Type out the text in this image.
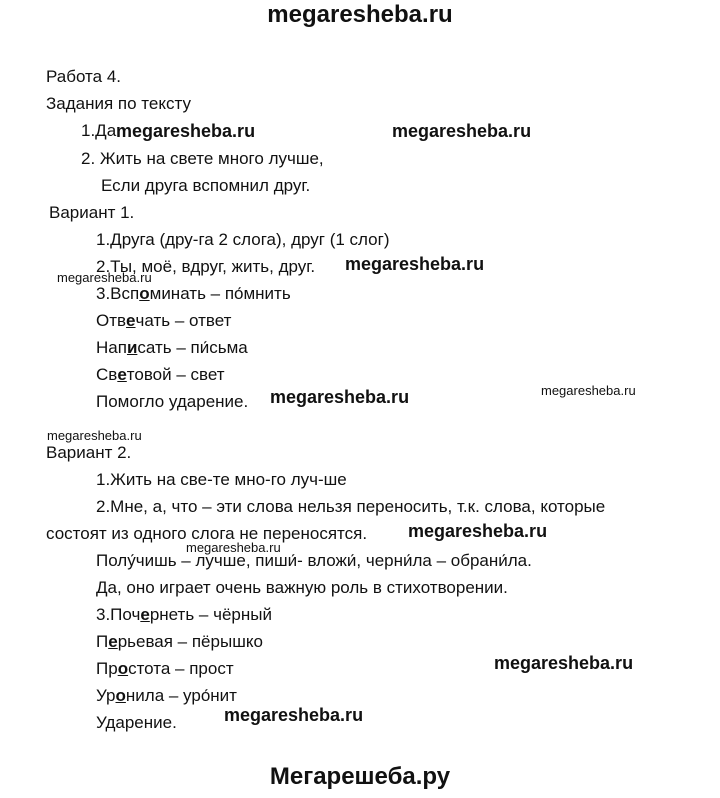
megaresheba.ru
Работа 4.
Задания по тексту
1.Да megaresheba.ru	megaresheba.ru
2. Жить на свете много лучше,
Если друга вспомнил друг.
Вариант 1.
1.Друга (дру-га 2 слога), друг (1 слог)
2.Ты, моё, вдруг, жить, друг.
megaresheba.ru
megaresheba.ru
3.Вспоминать – по́мнить
Отвечать – ответ
Написать – пи́сьма
Световой – свет
Помогло ударение. megaresheba.ru	megaresheba.ru
megaresheba.ru
Вариант 2.
1.Жить на све-те мно-го луч-ше
2.Мне, а, что – эти слова нельзя переносить, т.к. слова, которые
состоят из одного слога не переносятся. megaresheba.ru
megaresheba.ru
Полу́чишь – лучше, пиши́- вложи́, черни́ла – обрани́ла.
Да, оно играет очень важную роль в стихотворении.
3.Почернеть – чёрный
Перьевая – пёрышко
Простота – прост	megaresheba.ru
Уронила – уро́нит
Ударение.	megaresheba.ru
Мегарешеба.ру
